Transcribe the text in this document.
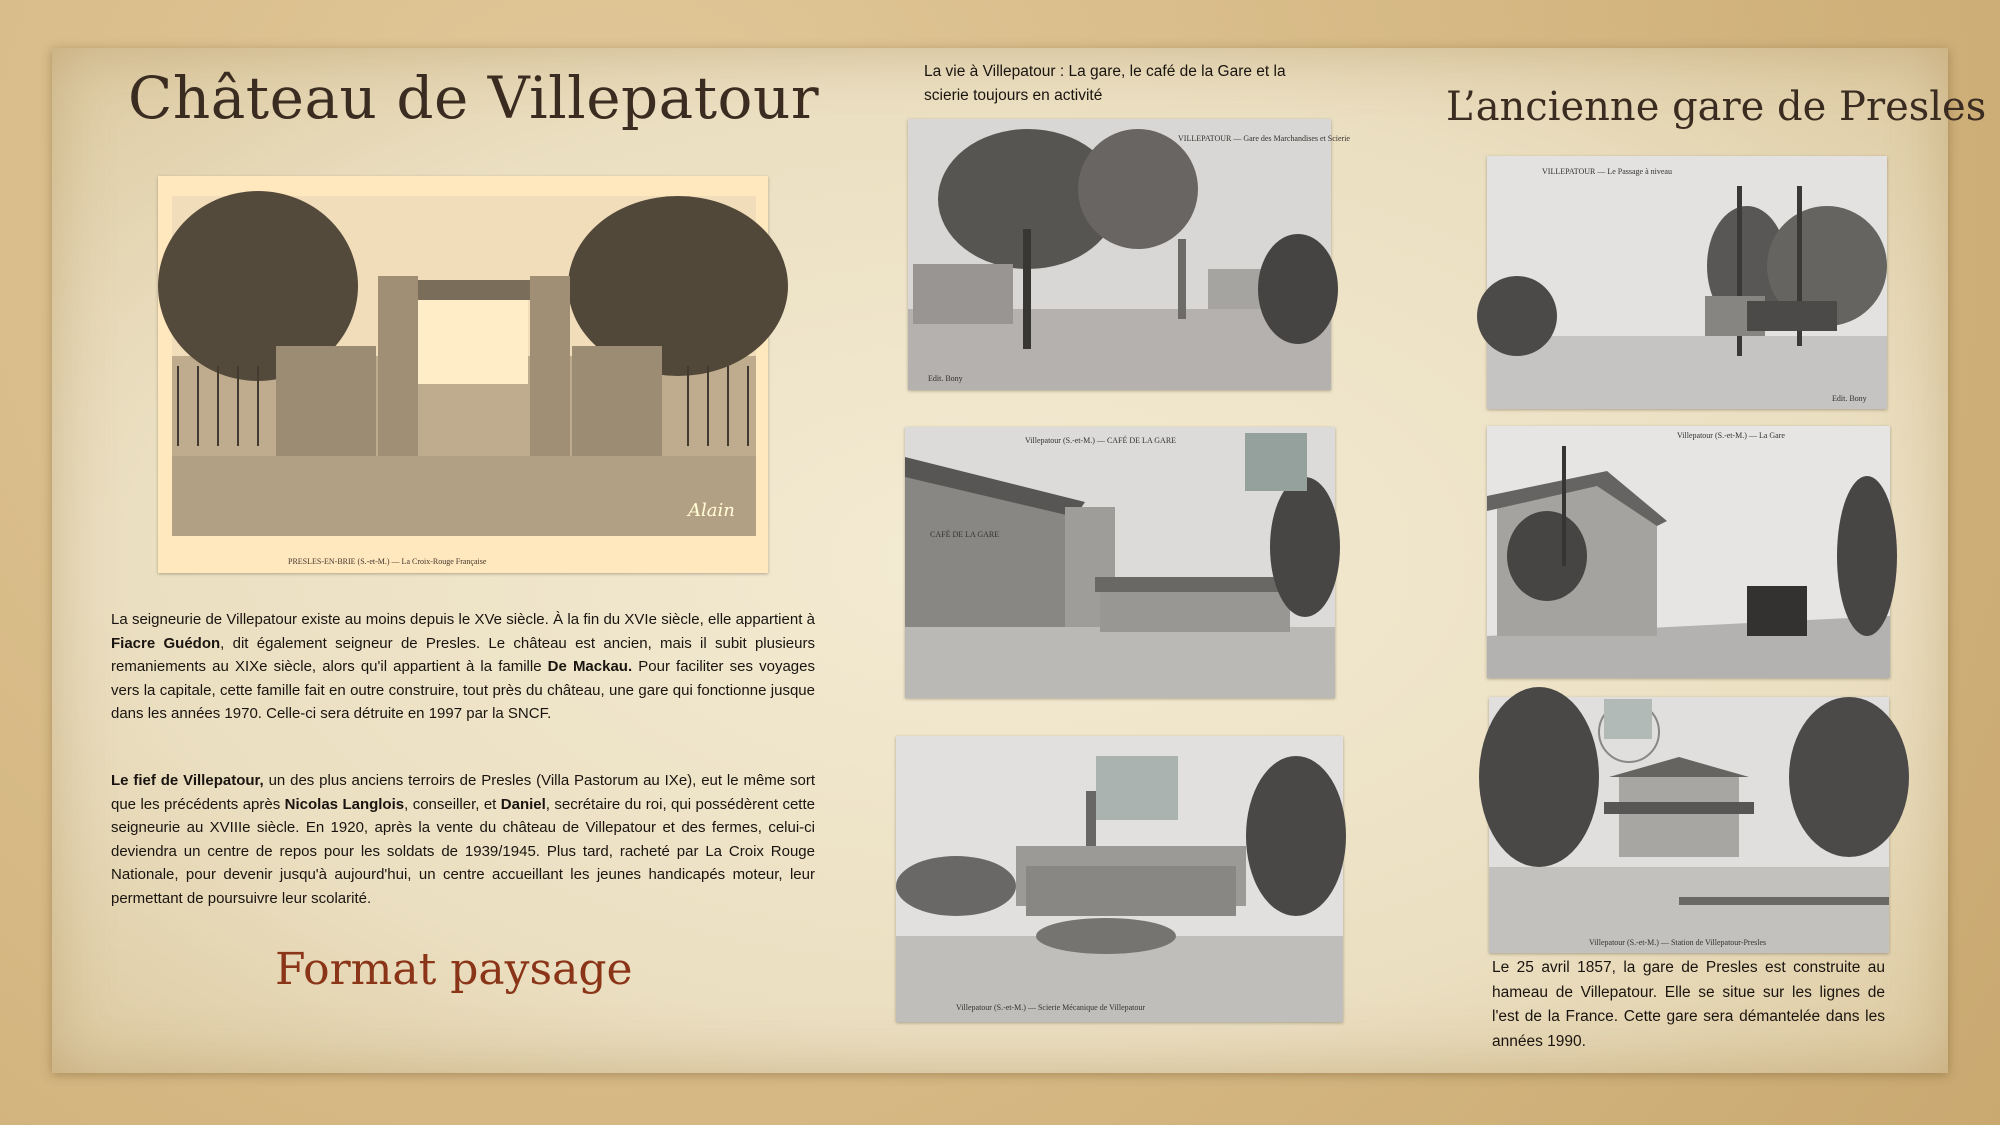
Château de Villepatour	L’ancienne gare de Presles
Format paysage

La vie à Villepatour : La gare, le café de la Gare et la scierie toujours en activité

PRESLES-EN-BRIE (S.-et-M.) — La Croix-Rouge Française
Alain
VILLEPATOUR — Gare des Marchandises et Scierie
Edit. Bony
Villepatour (S.-et-M.) — CAFÉ DE LA GARE
CAFÉ DE LA GARE
Villepatour (S.-et-M.) — Scierie Mécanique de Villepatour
VILLEPATOUR — Le Passage à niveau
Edit. Bony
Villepatour (S.-et-M.) — La Gare
Villepatour (S.-et-M.) — Station de Villepatour-Presles

La seigneurie de Villepatour existe au moins depuis le XVe siècle. À la fin du XVIe siècle, elle appartient à Fiacre Guédon, dit également seigneur de Presles. Le château est ancien, mais il subit plusieurs remaniements au XIXe siècle, alors qu'il appartient à la famille De Mackau. Pour faciliter ses voyages vers la capitale, cette famille fait en outre construire, tout près du château, une gare qui fonctionne jusque dans les années 1970. Celle-ci sera détruite en 1997 par la SNCF.

Le fief de Villepatour, un des plus anciens terroirs de Presles (Villa Pastorum au IXe), eut le même sort que les précédents après Nicolas Langlois, conseiller, et Daniel, secrétaire du roi, qui possédèrent cette seigneurie au XVIIIe siècle. En 1920, après la vente du château de Villepatour et des fermes, celui-ci deviendra un centre de repos pour les soldats de 1939/1945. Plus tard, racheté par La Croix Rouge Nationale, pour devenir jusqu'à aujourd'hui, un centre accueillant les jeunes handicapés moteur, leur permettant de poursuivre leur scolarité.

Le 25 avril 1857, la gare de Presles est construite au hameau de Villepatour. Elle se situe sur les lignes de l'est de la France. Cette gare sera démantelée dans les années 1990.
